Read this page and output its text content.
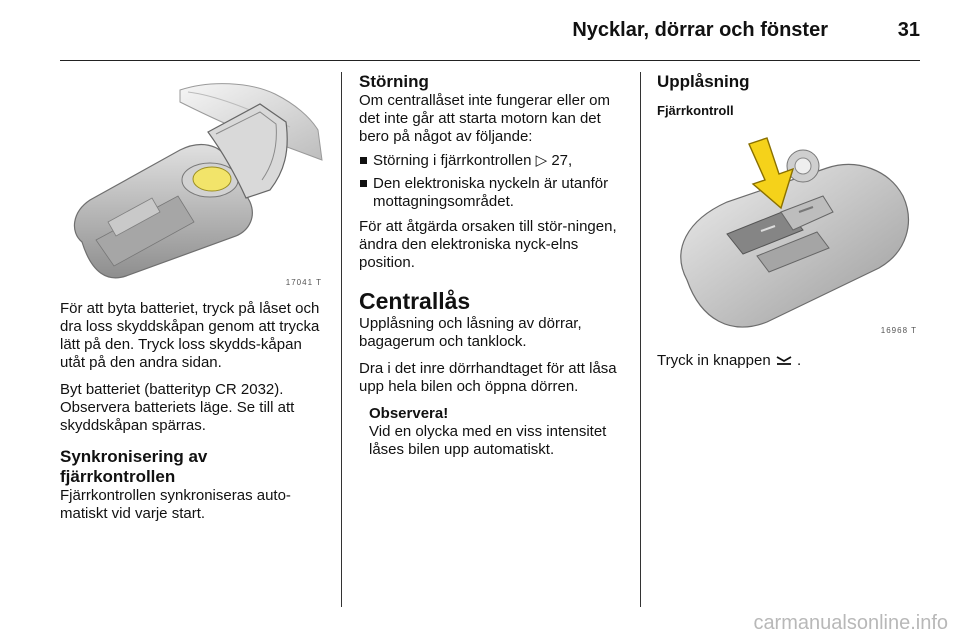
Nycklar, dörrar och fönster	31
17041 T

För att byta batteriet, tryck på låset och dra loss skyddskåpan genom att trycka lätt på den. Tryck loss skydds-kåpan utåt på den andra sidan.

Byt batteriet (batterityp CR 2032). Observera batteriets läge. Se till att skyddskåpan spärras.

Synkronisering av fjärrkontrollen

Fjärrkontrollen synkroniseras auto-matiskt vid varje start.

Störning

Om centrallåset inte fungerar eller om det inte går att starta motorn kan det bero på något av följande:

Störning i fjärrkontrollen ▷ 27,
Den elektroniska nyckeln är utanför mottagningsområdet.

För att åtgärda orsaken till stör-ningen, ändra den elektroniska nyck-elns position.

Centrallås

Upplåsning och låsning av dörrar, bagagerum och tanklock.

Dra i det inre dörrhandtaget för att låsa upp hela bilen och öppna dörren.

Observera!

Vid en olycka med en viss intensitet låses bilen upp automatiskt.

Upplåsning
Fjärrkontroll
16968 T

Tryck in knappen .

carmanualsonline.info
